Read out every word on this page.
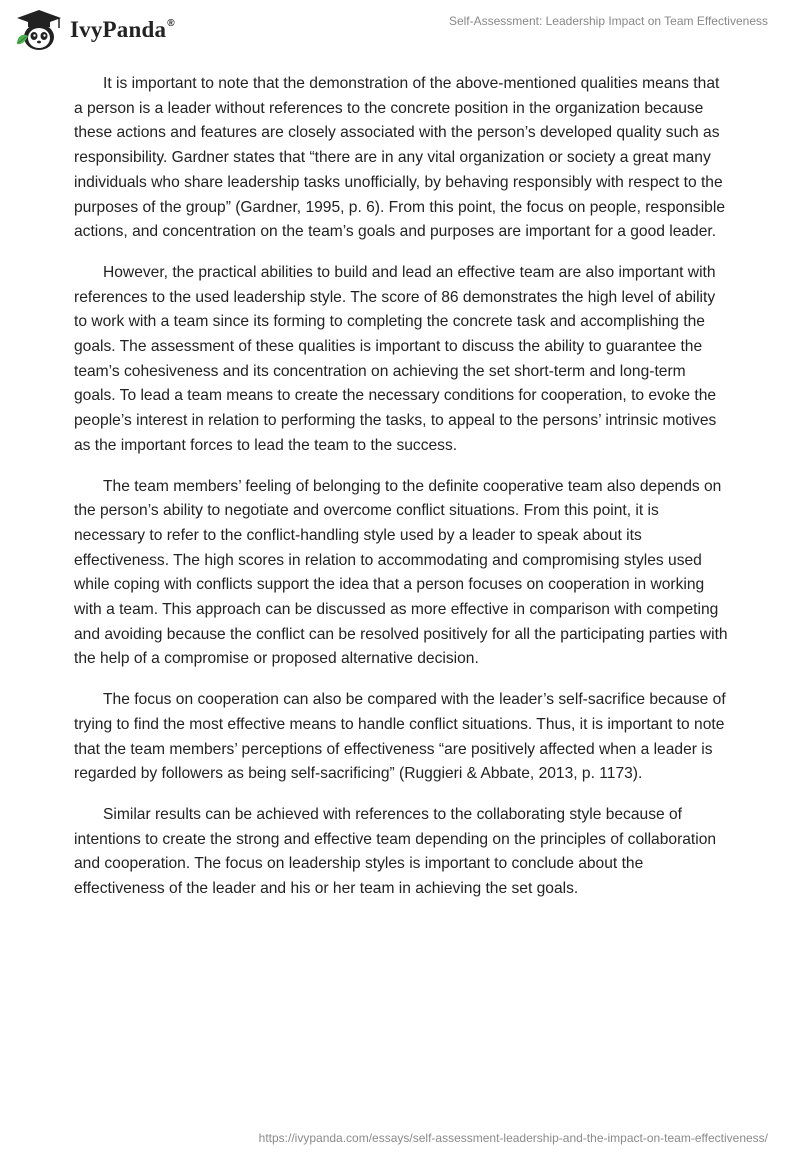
IvyPanda®	Self-Assessment: Leadership Impact on Team Effectiveness

It is important to note that the demonstration of the above-mentioned qualities means that a person is a leader without references to the concrete position in the organization because these actions and features are closely associated with the person’s developed quality such as responsibility. Gardner states that “there are in any vital organization or society a great many individuals who share leadership tasks unofficially, by behaving responsibly with respect to the purposes of the group” (Gardner, 1995, p. 6). From this point, the focus on people, responsible actions, and concentration on the team’s goals and purposes are important for a good leader.

However, the practical abilities to build and lead an effective team are also important with references to the used leadership style. The score of 86 demonstrates the high level of ability to work with a team since its forming to completing the concrete task and accomplishing the goals. The assessment of these qualities is important to discuss the ability to guarantee the team’s cohesiveness and its concentration on achieving the set short-term and long-term goals. To lead a team means to create the necessary conditions for cooperation, to evoke the people’s interest in relation to performing the tasks, to appeal to the persons’ intrinsic motives as the important forces to lead the team to the success.

The team members’ feeling of belonging to the definite cooperative team also depends on the person’s ability to negotiate and overcome conflict situations. From this point, it is necessary to refer to the conflict-handling style used by a leader to speak about its effectiveness. The high scores in relation to accommodating and compromising styles used while coping with conflicts support the idea that a person focuses on cooperation in working with a team. This approach can be discussed as more effective in comparison with competing and avoiding because the conflict can be resolved positively for all the participating parties with the help of a compromise or proposed alternative decision.

The focus on cooperation can also be compared with the leader’s self-sacrifice because of trying to find the most effective means to handle conflict situations. Thus, it is important to note that the team members’ perceptions of effectiveness “are positively affected when a leader is regarded by followers as being self-sacrificing” (Ruggieri & Abbate, 2013, p. 1173).

Similar results can be achieved with references to the collaborating style because of intentions to create the strong and effective team depending on the principles of collaboration and cooperation. The focus on leadership styles is important to conclude about the effectiveness of the leader and his or her team in achieving the set goals.

https://ivypanda.com/essays/self-assessment-leadership-and-the-impact-on-team-effectiveness/
